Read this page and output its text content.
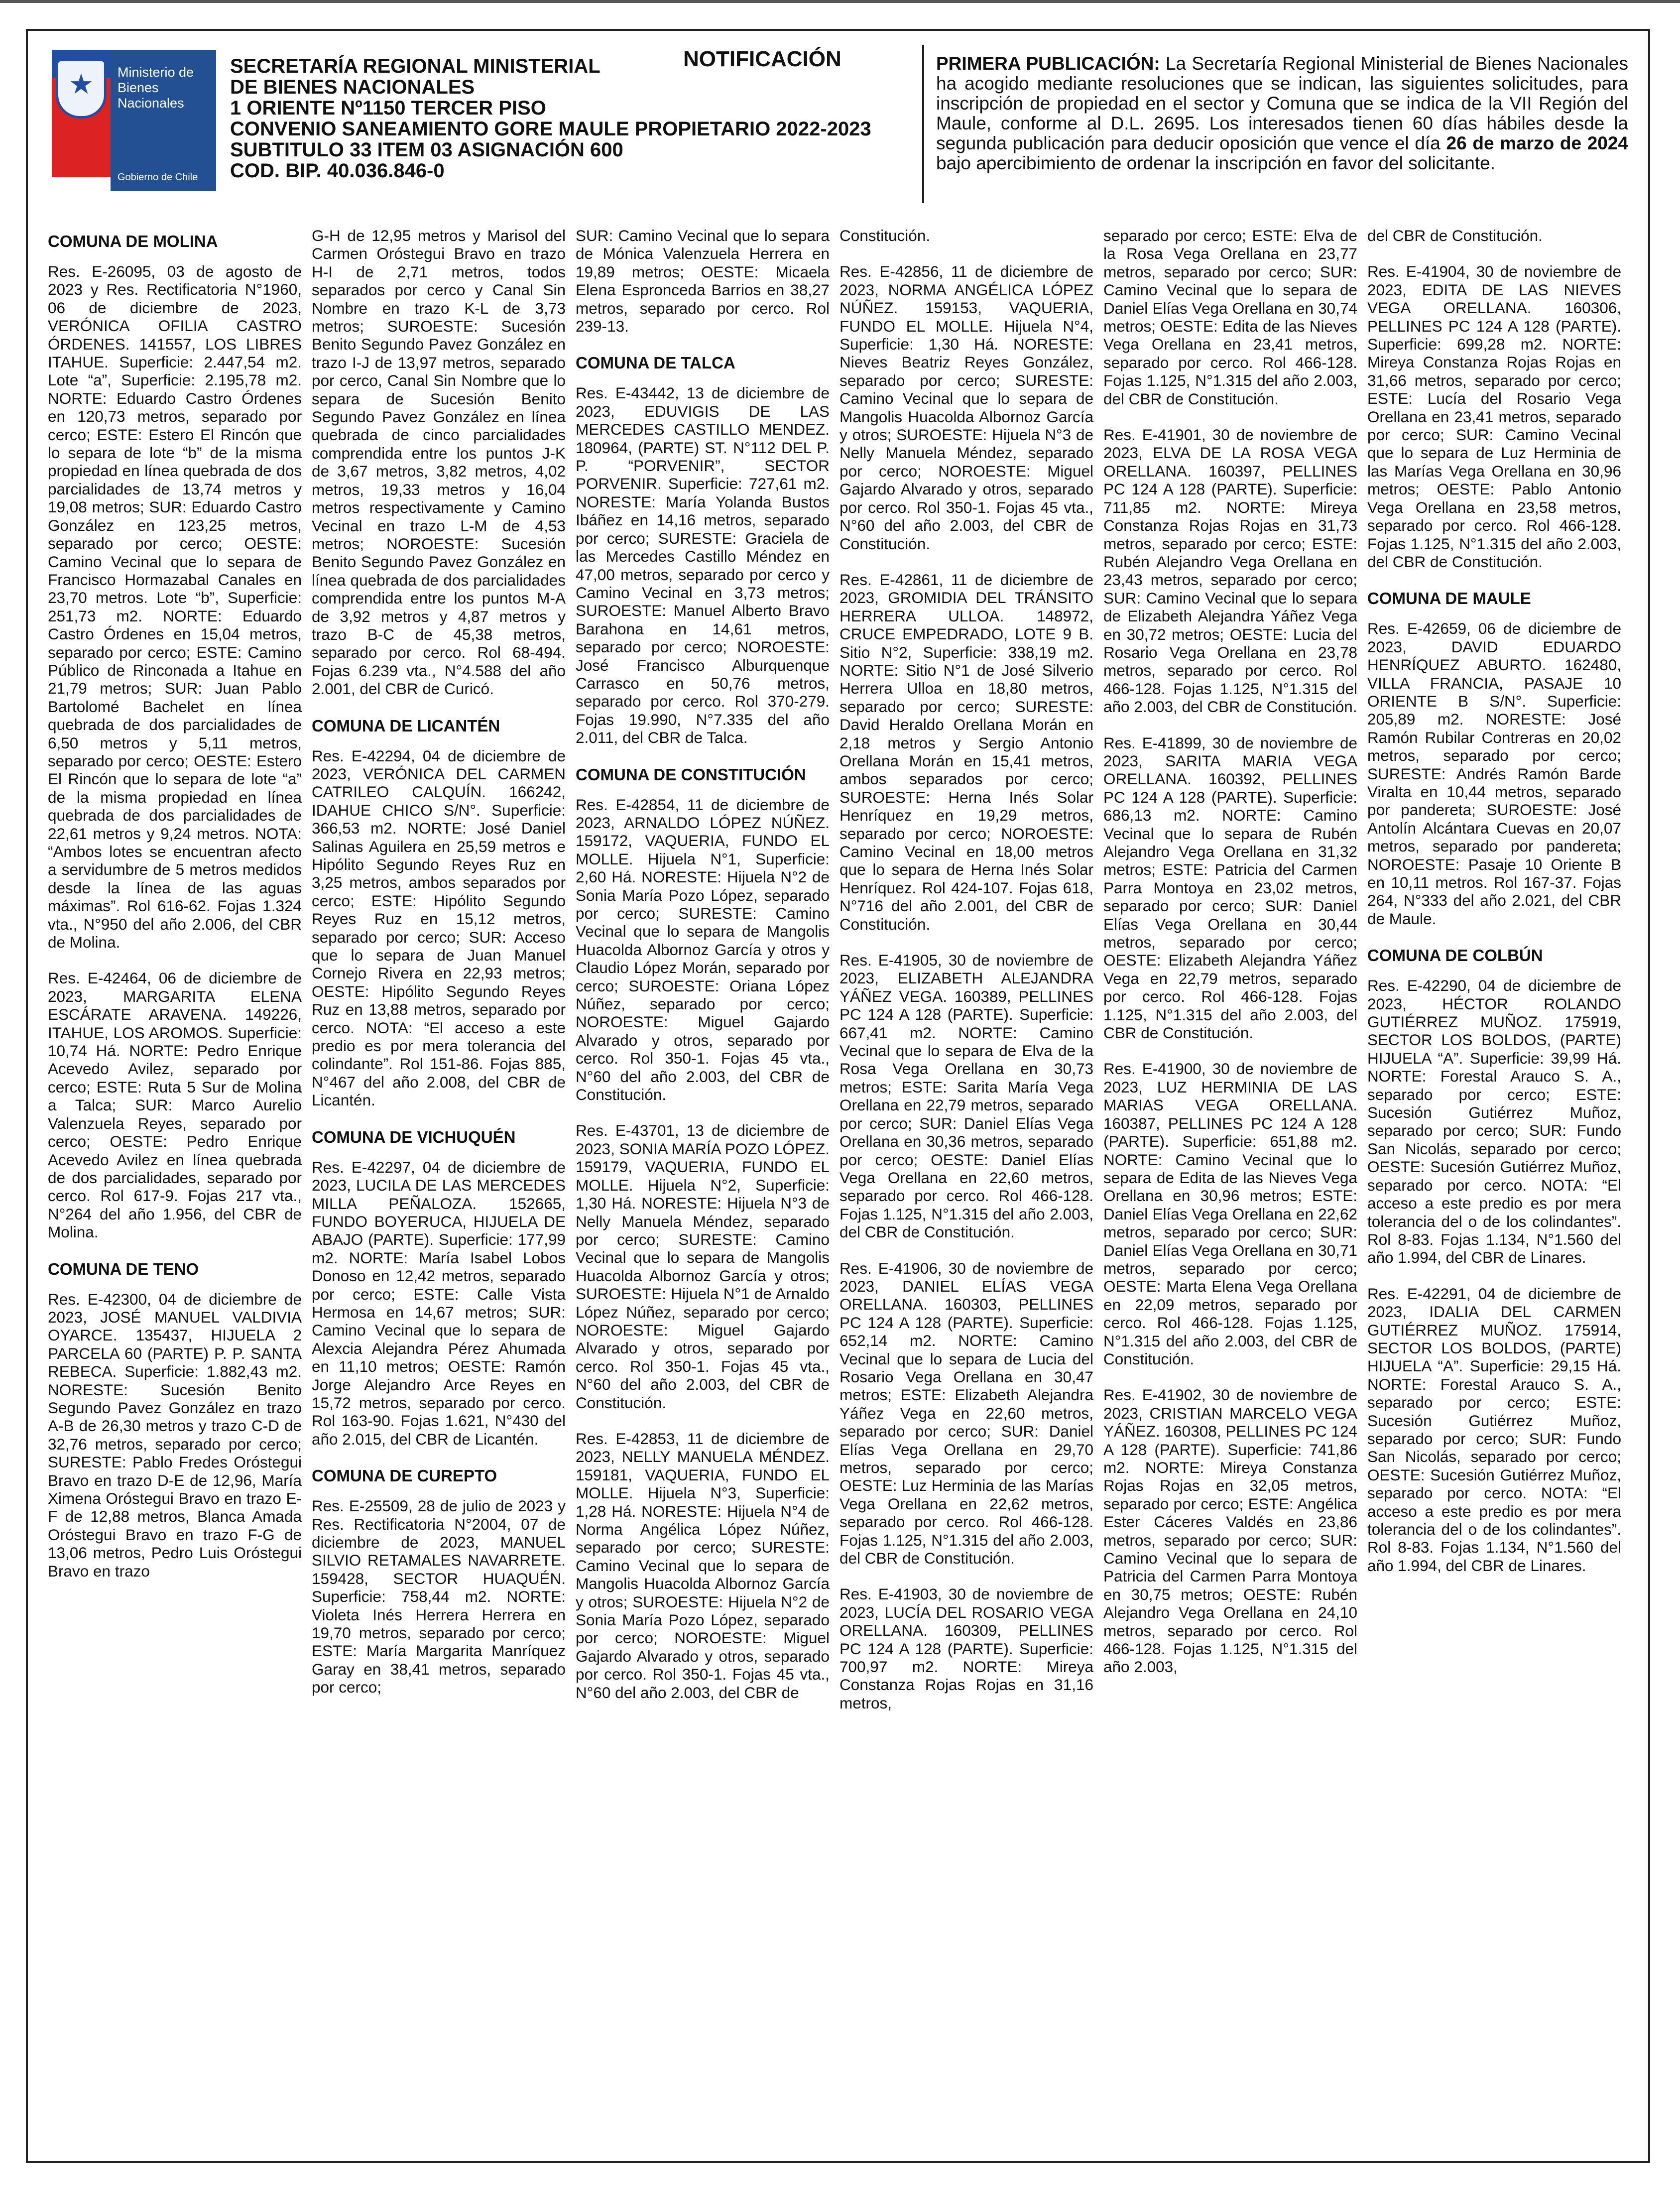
★	Ministerio de Bienes Nacionales
Gobierno de Chile
SECRETARÍA REGIONAL MINISTERIAL
DE BIENES NACIONALES
1 ORIENTE Nº1150 TERCER PISO
CONVENIO SANEAMIENTO GORE MAULE PROPIETARIO 2022-2023
SUBTITULO 33 ITEM 03 ASIGNACIÓN 600
COD. BIP. 40.036.846-0
NOTIFICACIÓN	PRIMERA PUBLICACIÓN: La Secretaría Regional Ministerial de Bienes Nacionales ha acogido mediante resoluciones que se indican, las siguientes solicitudes, para inscripción de propiedad en el sector y Comuna que se indica de la VII Región del Maule, conforme al D.L. 2695. Los interesados tienen 60 días hábiles desde la segunda publicación para deducir oposición que vence el día 26 de marzo de 2024 bajo apercibimiento de ordenar la inscripción en favor del solicitante.
COMUNA DE MOLINA
Res. E-26095, 03 de agosto de 2023 y Res. Rectificatoria N°1960, 06 de diciembre de 2023, VERÓNICA OFILIA CASTRO ÓRDENES. 141557, LOS LIBRES ITAHUE. Superficie: 2.447,54 m2. Lote “a”, Superficie: 2.195,78 m2. NORTE: Eduardo Castro Órdenes en 120,73 metros, separado por cerco; ESTE: Estero El Rincón que lo separa de lote “b” de la misma propiedad en línea quebrada de dos parcialidades de 13,74 metros y 19,08 metros; SUR: Eduardo Castro González en 123,25 metros, separado por cerco; OESTE: Camino Vecinal que lo separa de Francisco Hormazabal Canales en 23,70 metros. Lote “b”, Superficie: 251,73 m2. NORTE: Eduardo Castro Órdenes en 15,04 metros, separado por cerco; ESTE: Camino Público de Rinconada a Itahue en 21,79 metros; SUR: Juan Pablo Bartolomé Bachelet en línea quebrada de dos parcialidades de 6,50 metros y 5,11 metros, separado por cerco; OESTE: Estero El Rincón que lo separa de lote “a” de la misma propiedad en línea quebrada de dos parcialidades de 22,61 metros y 9,24 metros. NOTA: “Ambos lotes se encuentran afecto a servidumbre de 5 metros medidos desde la línea de las aguas máximas”. Rol 616-62. Fojas 1.324 vta., N°950 del año 2.006, del CBR de Molina.
Res. E-42464, 06 de diciembre de 2023, MARGARITA ELENA ESCÁRATE ARAVENA. 149226, ITAHUE, LOS AROMOS. Superficie: 10,74 Há. NORTE: Pedro Enrique Acevedo Avilez, separado por cerco; ESTE: Ruta 5 Sur de Molina a Talca; SUR: Marco Aurelio Valenzuela Reyes, separado por cerco; OESTE: Pedro Enrique Acevedo Avilez en línea quebrada de dos parcialidades, separado por cerco. Rol 617-9. Fojas 217 vta., N°264 del año 1.956, del CBR de Molina.
COMUNA DE TENO
Res. E-42300, 04 de diciembre de 2023, JOSÉ MANUEL VALDIVIA OYARCE. 135437, HIJUELA 2 PARCELA 60 (PARTE) P. P. SANTA REBECA. Superficie: 1.882,43 m2. NORESTE: Sucesión Benito Segundo Pavez González en trazo A-B de 26,30 metros y trazo C-D de 32,76 metros, separado por cerco; SURESTE: Pablo Fredes Oróstegui Bravo en trazo D-E de 12,96, María Ximena Oróstegui Bravo en trazo E-F de 12,88 metros, Blanca Amada Oróstegui Bravo en trazo F-G de 13,06 metros, Pedro Luis Oróstegui Bravo en trazo
G-H de 12,95 metros y Marisol del Carmen Oróstegui Bravo en trazo H-I de 2,71 metros, todos separados por cerco y Canal Sin Nombre en trazo K-L de 3,73 metros; SUROESTE: Sucesión Benito Segundo Pavez González en trazo I-J de 13,97 metros, separado por cerco, Canal Sin Nombre que lo separa de Sucesión Benito Segundo Pavez González en línea quebrada de cinco parcialidades comprendida entre los puntos J-K de 3,67 metros, 3,82 metros, 4,02 metros, 19,33 metros y 16,04 metros respectivamente y Camino Vecinal en trazo L-M de 4,53 metros; NOROESTE: Sucesión Benito Segundo Pavez González en línea quebrada de dos parcialidades comprendida entre los puntos M-A de 3,92 metros y 4,87 metros y trazo B-C de 45,38 metros, separado por cerco. Rol 68-494. Fojas 6.239 vta., N°4.588 del año 2.001, del CBR de Curicó.
COMUNA DE LICANTÉN
Res. E-42294, 04 de diciembre de 2023, VERÓNICA DEL CARMEN CATRILEO CALQUÍN. 166242, IDAHUE CHICO S/N°. Superficie: 366,53 m2. NORTE: José Daniel Salinas Aguilera en 25,59 metros e Hipólito Segundo Reyes Ruz en 3,25 metros, ambos separados por cerco; ESTE: Hipólito Segundo Reyes Ruz en 15,12 metros, separado por cerco; SUR: Acceso que lo separa de Juan Manuel Cornejo Rivera en 22,93 metros; OESTE: Hipólito Segundo Reyes Ruz en 13,88 metros, separado por cerco. NOTA: “El acceso a este predio es por mera tolerancia del colindante”. Rol 151-86. Fojas 885, N°467 del año 2.008, del CBR de Licantén.
COMUNA DE VICHUQUÉN
Res. E-42297, 04 de diciembre de 2023, LUCILA DE LAS MERCEDES MILLA PEÑALOZA. 152665, FUNDO BOYERUCA, HIJUELA DE ABAJO (PARTE). Superficie: 177,99 m2. NORTE: María Isabel Lobos Donoso en 12,42 metros, separado por cerco; ESTE: Calle Vista Hermosa en 14,67 metros; SUR: Camino Vecinal que lo separa de Alexcia Alejandra Pérez Ahumada en 11,10 metros; OESTE: Ramón Jorge Alejandro Arce Reyes en 15,72 metros, separado por cerco. Rol 163-90. Fojas 1.621, N°430 del año 2.015, del CBR de Licantén.
COMUNA DE CUREPTO
Res. E-25509, 28 de julio de 2023 y Res. Rectificatoria N°2004, 07 de diciembre de 2023, MANUEL SILVIO RETAMALES NAVARRETE. 159428, SECTOR HUAQUÉN. Superficie: 758,44 m2. NORTE: Violeta Inés Herrera Herrera en 19,70 metros, separado por cerco; ESTE: María Margarita Manríquez Garay en 38,41 metros, separado por cerco;
SUR: Camino Vecinal que lo separa de Mónica Valenzuela Herrera en 19,89 metros; OESTE: Micaela Elena Espronceda Barrios en 38,27 metros, separado por cerco. Rol 239-13.
COMUNA DE TALCA
Res. E-43442, 13 de diciembre de 2023, EDUVIGIS DE LAS MERCEDES CASTILLO MENDEZ. 180964, (PARTE) ST. N°112 DEL P. P. “PORVENIR”, SECTOR PORVENIR. Superficie: 727,61 m2. NORESTE: María Yolanda Bustos Ibáñez en 14,16 metros, separado por cerco; SURESTE: Graciela de las Mercedes Castillo Méndez en 47,00 metros, separado por cerco y Camino Vecinal en 3,73 metros; SUROESTE: Manuel Alberto Bravo Barahona en 14,61 metros, separado por cerco; NOROESTE: José Francisco Alburquenque Carrasco en 50,76 metros, separado por cerco. Rol 370-279. Fojas 19.990, N°7.335 del año 2.011, del CBR de Talca.
COMUNA DE CONSTITUCIÓN
Res. E-42854, 11 de diciembre de 2023, ARNALDO LÓPEZ NÚÑEZ. 159172, VAQUERIA, FUNDO EL MOLLE. Hijuela N°1, Superficie: 2,60 Há. NORESTE: Hijuela N°2 de Sonia María Pozo López, separado por cerco; SURESTE: Camino Vecinal que lo separa de Mangolis Huacolda Albornoz García y otros y Claudio López Morán, separado por cerco; SUROESTE: Oriana López Núñez, separado por cerco; NOROESTE: Miguel Gajardo Alvarado y otros, separado por cerco. Rol 350-1. Fojas 45 vta., N°60 del año 2.003, del CBR de Constitución.
Res. E-43701, 13 de diciembre de 2023, SONIA MARÍA POZO LÓPEZ. 159179, VAQUERIA, FUNDO EL MOLLE. Hijuela N°2, Superficie: 1,30 Há. NORESTE: Hijuela N°3 de Nelly Manuela Méndez, separado por cerco; SURESTE: Camino Vecinal que lo separa de Mangolis Huacolda Albornoz García y otros; SUROESTE: Hijuela N°1 de Arnaldo López Núñez, separado por cerco; NOROESTE: Miguel Gajardo Alvarado y otros, separado por cerco. Rol 350-1. Fojas 45 vta., N°60 del año 2.003, del CBR de Constitución.
Res. E-42853, 11 de diciembre de 2023, NELLY MANUELA MÉNDEZ. 159181, VAQUERIA, FUNDO EL MOLLE. Hijuela N°3, Superficie: 1,28 Há. NORESTE: Hijuela N°4 de Norma Angélica López Núñez, separado por cerco; SURESTE: Camino Vecinal que lo separa de Mangolis Huacolda Albornoz García y otros; SUROESTE: Hijuela N°2 de Sonia María Pozo López, separado por cerco; NOROESTE: Miguel Gajardo Alvarado y otros, separado por cerco. Rol 350-1. Fojas 45 vta., N°60 del año 2.003, del CBR de
Constitución.
Res. E-42856, 11 de diciembre de 2023, NORMA ANGÉLICA LÓPEZ NÚÑEZ. 159153, VAQUERIA, FUNDO EL MOLLE. Hijuela N°4, Superficie: 1,30 Há. NORESTE: Nieves Beatriz Reyes González, separado por cerco; SURESTE: Camino Vecinal que lo separa de Mangolis Huacolda Albornoz García y otros; SUROESTE: Hijuela N°3 de Nelly Manuela Méndez, separado por cerco; NOROESTE: Miguel Gajardo Alvarado y otros, separado por cerco. Rol 350-1. Fojas 45 vta., N°60 del año 2.003, del CBR de Constitución.
Res. E-42861, 11 de diciembre de 2023, GROMIDIA DEL TRÁNSITO HERRERA ULLOA. 148972, CRUCE EMPEDRADO, LOTE 9 B. Sitio N°2, Superficie: 338,19 m2. NORTE: Sitio N°1 de José Silverio Herrera Ulloa en 18,80 metros, separado por cerco; SURESTE: David Heraldo Orellana Morán en 2,18 metros y Sergio Antonio Orellana Morán en 15,41 metros, ambos separados por cerco; SUROESTE: Herna Inés Solar Henríquez en 19,29 metros, separado por cerco; NOROESTE: Camino Vecinal en 18,00 metros que lo separa de Herna Inés Solar Henríquez. Rol 424-107. Fojas 618, N°716 del año 2.001, del CBR de Constitución.
Res. E-41905, 30 de noviembre de 2023, ELIZABETH ALEJANDRA YÁÑEZ VEGA. 160389, PELLINES PC 124 A 128 (PARTE). Superficie: 667,41 m2. NORTE: Camino Vecinal que lo separa de Elva de la Rosa Vega Orellana en 30,73 metros; ESTE: Sarita María Vega Orellana en 22,79 metros, separado por cerco; SUR: Daniel Elías Vega Orellana en 30,36 metros, separado por cerco; OESTE: Daniel Elías Vega Orellana en 22,60 metros, separado por cerco. Rol 466-128. Fojas 1.125, N°1.315 del año 2.003, del CBR de Constitución.
Res. E-41906, 30 de noviembre de 2023, DANIEL ELÍAS VEGA ORELLANA. 160303, PELLINES PC 124 A 128 (PARTE). Superficie: 652,14 m2. NORTE: Camino Vecinal que lo separa de Lucia del Rosario Vega Orellana en 30,47 metros; ESTE: Elizabeth Alejandra Yáñez Vega en 22,60 metros, separado por cerco; SUR: Daniel Elías Vega Orellana en 29,70 metros, separado por cerco; OESTE: Luz Herminia de las Marías Vega Orellana en 22,62 metros, separado por cerco. Rol 466-128. Fojas 1.125, N°1.315 del año 2.003, del CBR de Constitución.
Res. E-41903, 30 de noviembre de 2023, LUCÍA DEL ROSARIO VEGA ORELLANA. 160309, PELLINES PC 124 A 128 (PARTE). Superficie: 700,97 m2. NORTE: Mireya Constanza Rojas Rojas en 31,16 metros,
separado por cerco; ESTE: Elva de la Rosa Vega Orellana en 23,77 metros, separado por cerco; SUR: Camino Vecinal que lo separa de Daniel Elías Vega Orellana en 30,74 metros; OESTE: Edita de las Nieves Vega Orellana en 23,41 metros, separado por cerco. Rol 466-128. Fojas 1.125, N°1.315 del año 2.003, del CBR de Constitución.
Res. E-41901, 30 de noviembre de 2023, ELVA DE LA ROSA VEGA ORELLANA. 160397, PELLINES PC 124 A 128 (PARTE). Superficie: 711,85 m2. NORTE: Mireya Constanza Rojas Rojas en 31,73 metros, separado por cerco; ESTE: Rubén Alejandro Vega Orellana en 23,43 metros, separado por cerco; SUR: Camino Vecinal que lo separa de Elizabeth Alejandra Yáñez Vega en 30,72 metros; OESTE: Lucia del Rosario Vega Orellana en 23,78 metros, separado por cerco. Rol 466-128. Fojas 1.125, N°1.315 del año 2.003, del CBR de Constitución.
Res. E-41899, 30 de noviembre de 2023, SARITA MARIA VEGA ORELLANA. 160392, PELLINES PC 124 A 128 (PARTE). Superficie: 686,13 m2. NORTE: Camino Vecinal que lo separa de Rubén Alejandro Vega Orellana en 31,32 metros; ESTE: Patricia del Carmen Parra Montoya en 23,02 metros, separado por cerco; SUR: Daniel Elías Vega Orellana en 30,44 metros, separado por cerco; OESTE: Elizabeth Alejandra Yáñez Vega en 22,79 metros, separado por cerco. Rol 466-128. Fojas 1.125, N°1.315 del año 2.003, del CBR de Constitución.
Res. E-41900, 30 de noviembre de 2023, LUZ HERMINIA DE LAS MARIAS VEGA ORELLANA. 160387, PELLINES PC 124 A 128 (PARTE). Superficie: 651,88 m2. NORTE: Camino Vecinal que lo separa de Edita de las Nieves Vega Orellana en 30,96 metros; ESTE: Daniel Elías Vega Orellana en 22,62 metros, separado por cerco; SUR: Daniel Elías Vega Orellana en 30,71 metros, separado por cerco; OESTE: Marta Elena Vega Orellana en 22,09 metros, separado por cerco. Rol 466-128. Fojas 1.125, N°1.315 del año 2.003, del CBR de Constitución.
Res. E-41902, 30 de noviembre de 2023, CRISTIAN MARCELO VEGA YÁÑEZ. 160308, PELLINES PC 124 A 128 (PARTE). Superficie: 741,86 m2. NORTE: Mireya Constanza Rojas Rojas en 32,05 metros, separado por cerco; ESTE: Angélica Ester Cáceres Valdés en 23,86 metros, separado por cerco; SUR: Camino Vecinal que lo separa de Patricia del Carmen Parra Montoya en 30,75 metros; OESTE: Rubén Alejandro Vega Orellana en 24,10 metros, separado por cerco. Rol 466-128. Fojas 1.125, N°1.315 del año 2.003,
del CBR de Constitución.
Res. E-41904, 30 de noviembre de 2023, EDITA DE LAS NIEVES VEGA ORELLANA. 160306, PELLINES PC 124 A 128 (PARTE). Superficie: 699,28 m2. NORTE: Mireya Constanza Rojas Rojas en 31,66 metros, separado por cerco; ESTE: Lucía del Rosario Vega Orellana en 23,41 metros, separado por cerco; SUR: Camino Vecinal que lo separa de Luz Herminia de las Marías Vega Orellana en 30,96 metros; OESTE: Pablo Antonio Vega Orellana en 23,58 metros, separado por cerco. Rol 466-128. Fojas 1.125, N°1.315 del año 2.003, del CBR de Constitución.
COMUNA DE MAULE
Res. E-42659, 06 de diciembre de 2023, DAVID EDUARDO HENRÍQUEZ ABURTO. 162480, VILLA FRANCIA, PASAJE 10 ORIENTE B S/N°. Superficie: 205,89 m2. NORESTE: José Ramón Rubilar Contreras en 20,02 metros, separado por cerco; SURESTE: Andrés Ramón Barde Viralta en 10,44 metros, separado por pandereta; SUROESTE: José Antolín Alcántara Cuevas en 20,07 metros, separado por pandereta; NOROESTE: Pasaje 10 Oriente B en 10,11 metros. Rol 167-37. Fojas 264, N°333 del año 2.021, del CBR de Maule.
COMUNA DE COLBÚN
Res. E-42290, 04 de diciembre de 2023, HÉCTOR ROLANDO GUTIÉRREZ MUÑOZ. 175919, SECTOR LOS BOLDOS, (PARTE) HIJUELA “A”. Superficie: 39,99 Há. NORTE: Forestal Arauco S. A., separado por cerco; ESTE: Sucesión Gutiérrez Muñoz, separado por cerco; SUR: Fundo San Nicolás, separado por cerco; OESTE: Sucesión Gutiérrez Muñoz, separado por cerco. NOTA: “El acceso a este predio es por mera tolerancia del o de los colindantes”. Rol 8-83. Fojas 1.134, N°1.560 del año 1.994, del CBR de Linares.
Res. E-42291, 04 de diciembre de 2023, IDALIA DEL CARMEN GUTIÉRREZ MUÑOZ. 175914, SECTOR LOS BOLDOS, (PARTE) HIJUELA “A”. Superficie: 29,15 Há. NORTE: Forestal Arauco S. A., separado por cerco; ESTE: Sucesión Gutiérrez Muñoz, separado por cerco; SUR: Fundo San Nicolás, separado por cerco; OESTE: Sucesión Gutiérrez Muñoz, separado por cerco. NOTA: “El acceso a este predio es por mera tolerancia del o de los colindantes”. Rol 8-83. Fojas 1.134, N°1.560 del año 1.994, del CBR de Linares.
